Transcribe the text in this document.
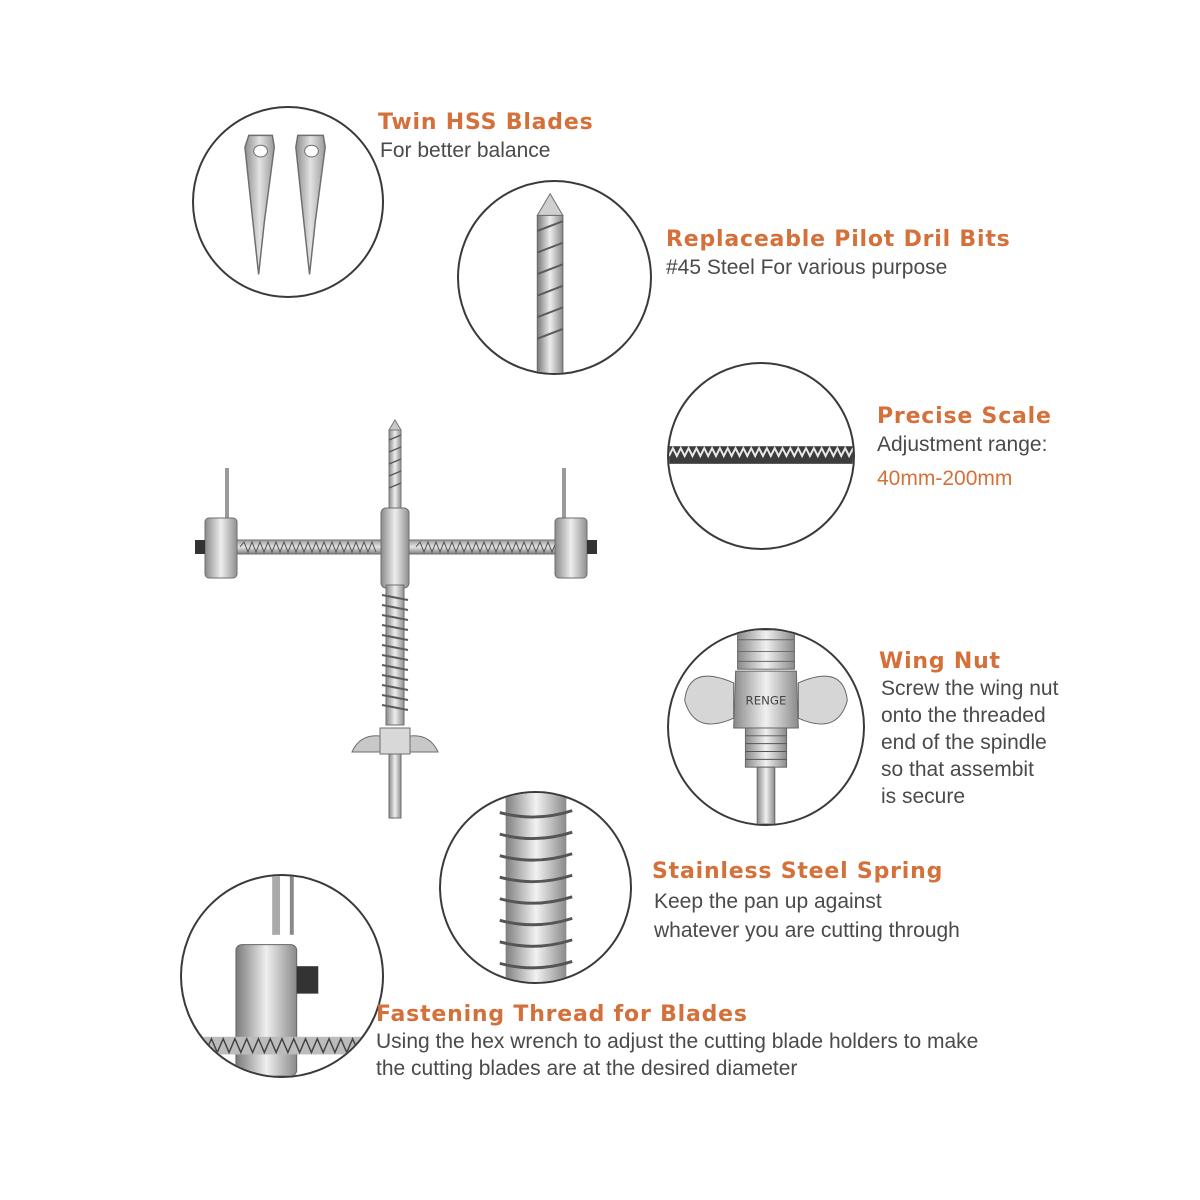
Twin HSS Blades
For better balance
Replaceable Pilot Dril Bits
#45 Steel For various purpose
Precise Scale
Adjustment range:
40mm-200mm
RENGE
Wing Nut
Screw the wing nut
onto the threaded
end of the spindle
so that assembit
is secure
Stainless Steel Spring
Keep the pan up against
whatever you are cutting through
Fastening Thread for Blades
Using the hex wrench to adjust the cutting blade holders to make
the cutting blades are at the desired diameter
